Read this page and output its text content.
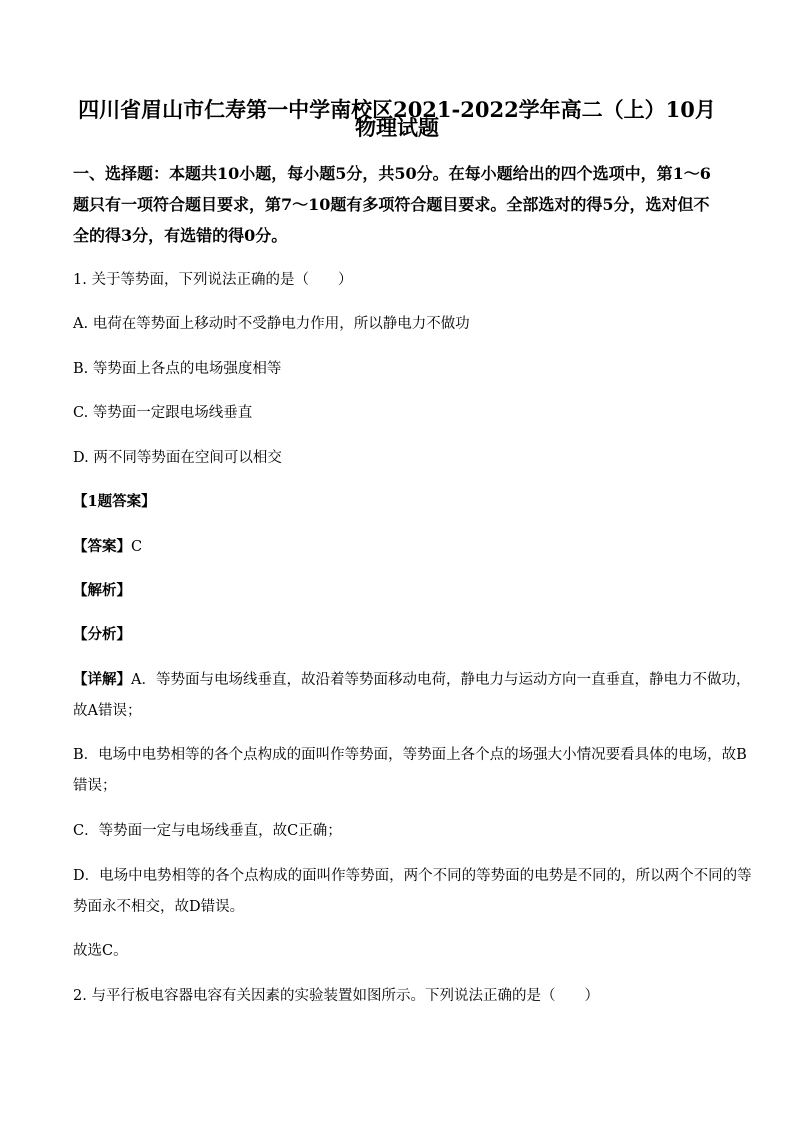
四川省眉山市仁寿第一中学南校区2021-2022学年高二（上）10月
物理试题
一、选择题：本题共10小题，每小题5分，共50分。在每小题给出的四个选项中，第1～6
题只有一项符合题目要求，第7～10题有多项符合题目要求。全部选对的得5分，选对但不
全的得3分，有选错的得0分。
1. 关于等势面，下列说法正确的是（　　）
A. 电荷在等势面上移动时不受静电力作用，所以静电力不做功
B. 等势面上各点的电场强度相等
C. 等势面一定跟电场线垂直
D. 两不同等势面在空间可以相交
【1题答案】
【答案】C
【解析】
【分析】
【详解】A．等势面与电场线垂直，故沿着等势面移动电荷，静电力与运动方向一直垂直，静电力不做功，
故A错误；
B．电场中电势相等的各个点构成的面叫作等势面，等势面上各个点的场强大小情况要看具体的电场，故B
错误；
C．等势面一定与电场线垂直，故C正确；
D．电场中电势相等的各个点构成的面叫作等势面，两个不同的等势面的电势是不同的，所以两个不同的等
势面永不相交，故D错误。
故选C。
2. 与平行板电容器电容有关因素的实验装置如图所示。下列说法正确的是（　　）
